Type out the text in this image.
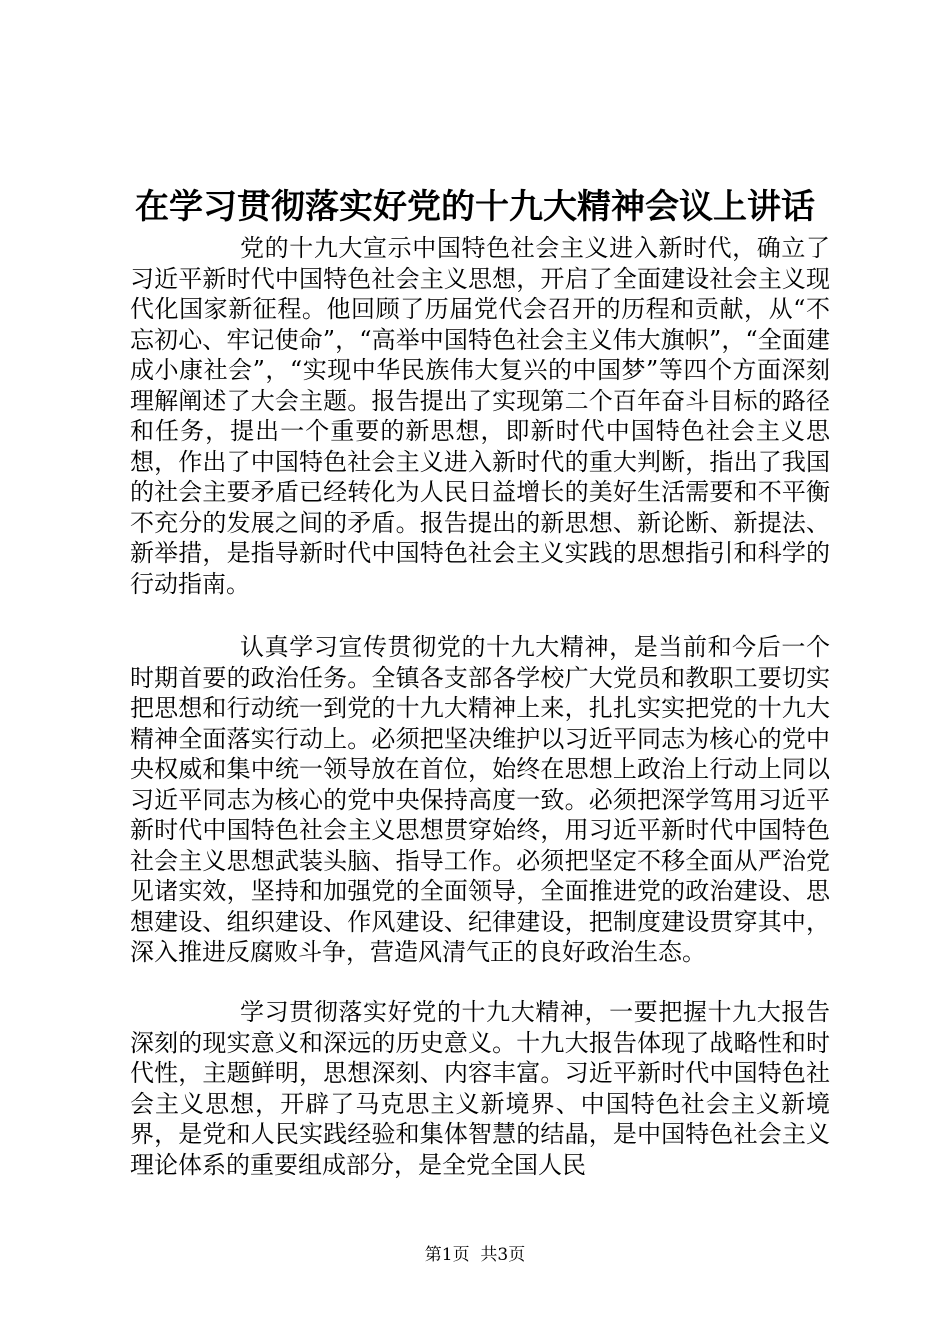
在学习贯彻落实好党的十九大精神会议上讲话

党的十九大宣示中国特色社会主义进入新时代，确立了习近平新时代中国特色社会主义思想，开启了全面建设社会主义现代化国家新征程。他回顾了历届党代会召开的历程和贡献，从“不忘初心、牢记使命”，“高举中国特色社会主义伟大旗帜”，“全面建成小康社会”，“实现中华民族伟大复兴的中国梦”等四个方面深刻理解阐述了大会主题。报告提出了实现第二个百年奋斗目标的路径和任务，提出一个重要的新思想，即新时代中国特色社会主义思想，作出了中国特色社会主义进入新时代的重大判断，指出了我国的社会主要矛盾已经转化为人民日益增长的美好生活需要和不平衡不充分的发展之间的矛盾。报告提出的新思想、新论断、新提法、新举措，是指导新时代中国特色社会主义实践的思想指引和科学的行动指南。

认真学习宣传贯彻党的十九大精神，是当前和今后一个时期首要的政治任务。全镇各支部各学校广大党员和教职工要切实把思想和行动统一到党的十九大精神上来，扎扎实实把党的十九大精神全面落实行动上。必须把坚决维护以习近平同志为核心的党中央权威和集中统一领导放在首位，始终在思想上政治上行动上同以习近平同志为核心的党中央保持高度一致。必须把深学笃用习近平新时代中国特色社会主义思想贯穿始终，用习近平新时代中国特色社会主义思想武装头脑、指导工作。必须把坚定不移全面从严治党见诸实效，坚持和加强党的全面领导，全面推进党的政治建设、思想建设、组织建设、作风建设、纪律建设，把制度建设贯穿其中，深入推进反腐败斗争，营造风清气正的良好政治生态。

学习贯彻落实好党的十九大精神，一要把握十九大报告深刻的现实意义和深远的历史意义。十九大报告体现了战略性和时代性，主题鲜明，思想深刻、内容丰富。习近平新时代中国特色社会主义思想，开辟了马克思主义新境界、中国特色社会主义新境界，是党和人民实践经验和集体智慧的结晶，是中国特色社会主义理论体系的重要组成部分，是全党全国人民

第1页  共3页
